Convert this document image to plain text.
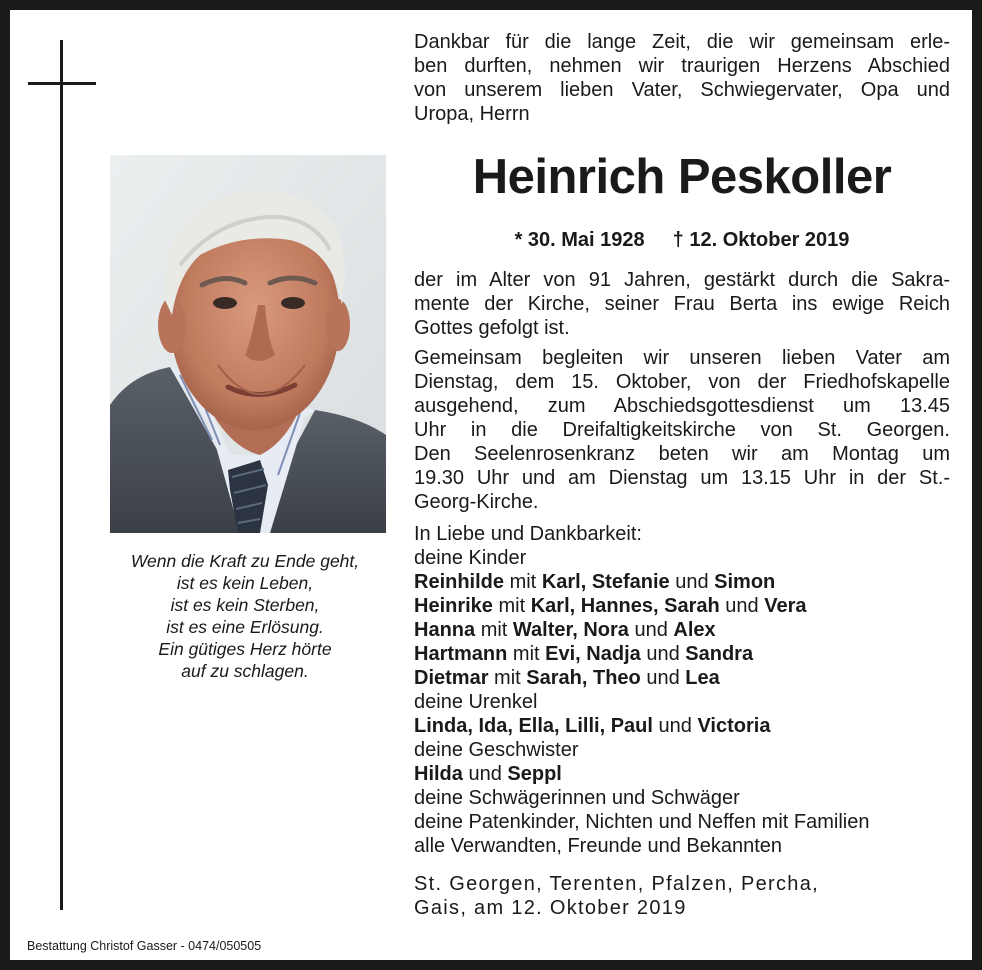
Wenn die Kraft zu Ende geht,
ist es kein Leben,
ist es kein Sterben,
ist es eine Erlösung.
Ein gütiges Herz hörte
auf zu schlagen.
Dankbar für die lange Zeit, die wir gemeinsam erle-
ben durften, nehmen wir traurigen Herzens Abschied
von unserem lieben Vater, Schwiegervater, Opa und
Uropa, Herrn
Heinrich Peskoller
* 30. Mai 1928 † 12. Oktober 2019
der im Alter von 91 Jahren, gestärkt durch die Sakra-
mente der Kirche, seiner Frau Berta ins ewige Reich
Gottes gefolgt ist.
Gemeinsam begleiten wir unseren lieben Vater am
Dienstag, dem 15. Oktober, von der Friedhofskapelle
ausgehend, zum Abschiedsgottesdienst um 13.45
Uhr in die Dreifaltigkeitskirche von St. Georgen.
Den Seelenrosenkranz beten wir am Montag um
19.30 Uhr und am Dienstag um 13.15 Uhr in der St.-
Georg-Kirche.
In Liebe und Dankbarkeit:
deine Kinder
Reinhilde mit Karl, Stefanie und Simon
Heinrike mit Karl, Hannes, Sarah und Vera
Hanna mit Walter, Nora und Alex
Hartmann mit Evi, Nadja und Sandra
Dietmar mit Sarah, Theo und Lea
deine Urenkel
Linda, Ida, Ella, Lilli, Paul und Victoria
deine Geschwister
Hilda und Seppl
deine Schwägerinnen und Schwäger
deine Patenkinder, Nichten und Neffen mit Familien
alle Verwandten, Freunde und Bekannten
St. Georgen, Terenten, Pfalzen, Percha,
Gais, am 12. Oktober 2019
Bestattung Christof Gasser - 0474/050505
